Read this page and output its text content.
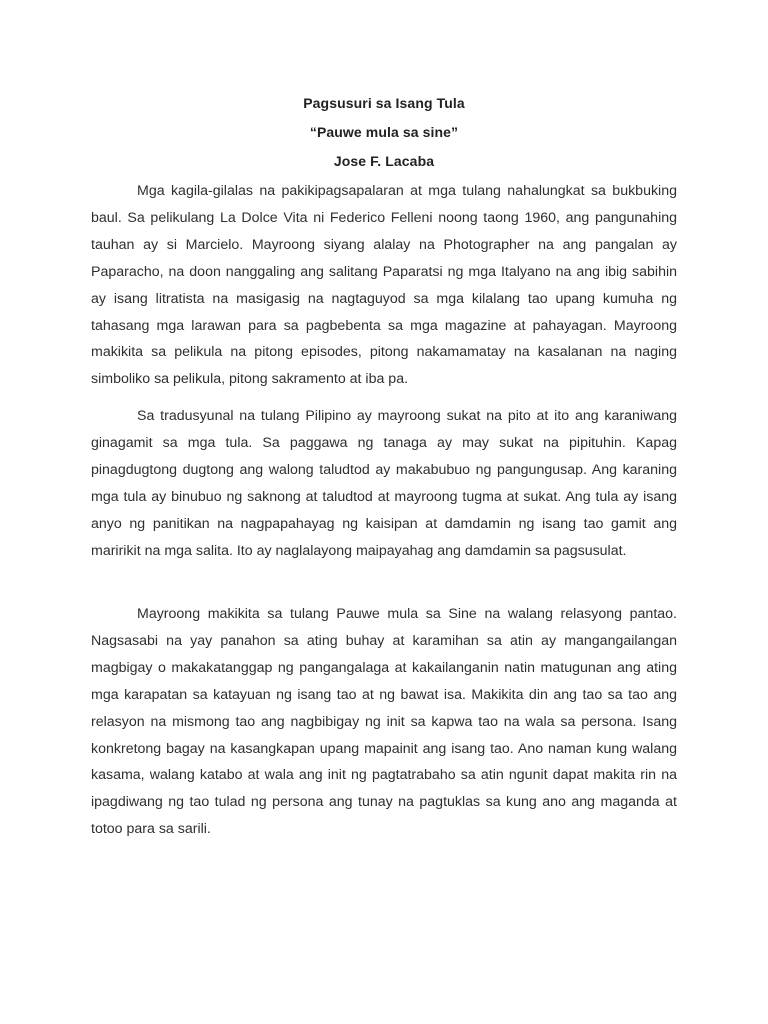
Pagsusuri sa Isang Tula
“Pauwe mula sa sine”
Jose F. Lacaba

Mga kagila-gilalas na pakikipagsapalaran at mga tulang nahalungkat sa bukbuking baul. Sa pelikulang La Dolce Vita ni Federico Felleni noong taong 1960, ang pangunahing tauhan ay si Marcielo. Mayroong siyang alalay na Photographer na ang pangalan ay Paparacho, na doon nanggaling ang salitang Paparatsi ng mga Italyano na ang ibig sabihin ay isang litratista na masigasig na nagtaguyod sa mga kilalang tao upang kumuha ng tahasang mga larawan para sa pagbebenta sa mga magazine at pahayagan. Mayroong makikita sa pelikula na pitong episodes, pitong nakamamatay na kasalanan na naging simboliko sa pelikula, pitong sakramento at iba pa.

Sa tradusyunal na tulang Pilipino ay mayroong sukat na pito at ito ang karaniwang ginagamit sa mga tula. Sa paggawa ng tanaga ay may sukat na pipituhin. Kapag pinagdugtong dugtong ang walong taludtod ay makabubuo ng pangungusap. Ang karaning mga tula ay binubuo ng saknong at taludtod at mayroong tugma at sukat. Ang tula ay isang anyo ng panitikan na nagpapahayag ng kaisipan at damdamin ng isang tao gamit ang maririkit na mga salita. Ito ay naglalayong maipayahag ang damdamin sa pagsusulat.

Mayroong makikita sa tulang Pauwe mula sa Sine na walang relasyong pantao. Nagsasabi na yay panahon sa ating buhay at karamihan sa atin ay mangangailangan magbigay o makakatanggap ng pangangalaga at kakailanganin natin matugunan ang ating mga karapatan sa katayuan ng isang tao at ng bawat isa. Makikita din ang tao sa tao ang relasyon na mismong tao ang nagbibigay ng init sa kapwa tao na wala sa persona. Isang konkretong bagay na kasangkapan upang mapainit ang isang tao. Ano naman kung walang kasama, walang katabo at wala ang init ng pagtatrabaho sa atin ngunit dapat makita rin na ipagdiwang ng tao tulad ng persona ang tunay na pagtuklas sa kung ano ang maganda at totoo para sa sarili.
